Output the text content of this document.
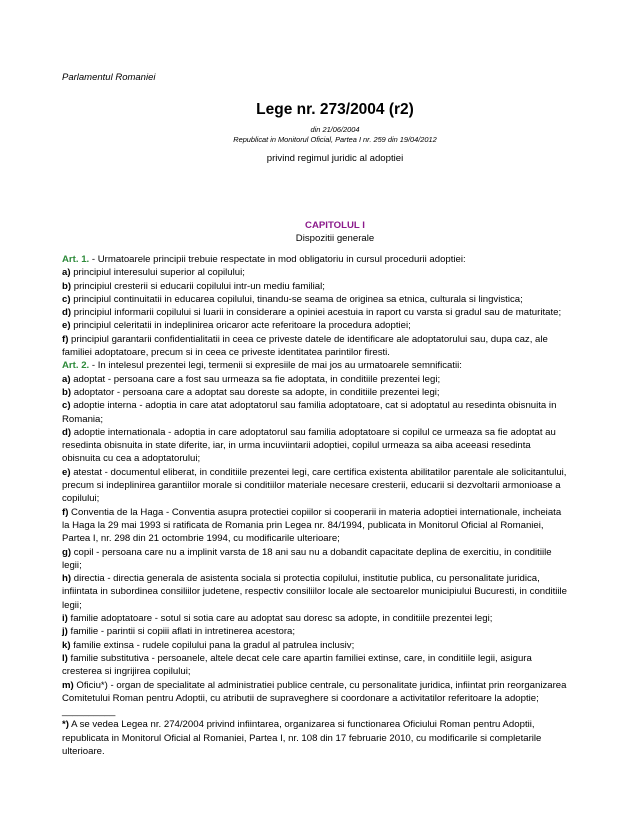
Parlamentul Romaniei
Lege nr. 273/2004 (r2)
din 21/06/2004
Republicat in Monitorul Oficial, Partea I nr. 259 din 19/04/2012
privind regimul juridic al adoptiei
CAPITOLUL I
Dispozitii generale

Art. 1. - Urmatoarele principii trebuie respectate in mod obligatoriu in cursul procedurii adoptiei:

a) principiul interesului superior al copilului;

b) principiul cresterii si educarii copilului intr-un mediu familial;

c) principiul continuitatii in educarea copilului, tinandu-se seama de originea sa etnica, culturala si lingvistica;

d) principiul informarii copilului si luarii in considerare a opiniei acestuia in raport cu varsta si gradul sau de maturitate;

e) principiul celeritatii in indeplinirea oricaror acte referitoare la procedura adoptiei;

f) principiul garantarii confidentialitatii in ceea ce priveste datele de identificare ale adoptatorului sau, dupa caz, ale familiei adoptatoare, precum si in ceea ce priveste identitatea parintilor firesti.

Art. 2. - In intelesul prezentei legi, termenii si expresiile de mai jos au urmatoarele semnificatii:

a) adoptat - persoana care a fost sau urmeaza sa fie adoptata, in conditiile prezentei legi;

b) adoptator - persoana care a adoptat sau doreste sa adopte, in conditiile prezentei legi;

c) adoptie interna - adoptia in care atat adoptatorul sau familia adoptatoare, cat si adoptatul au resedinta obisnuita in Romania;

d) adoptie internationala - adoptia in care adoptatorul sau familia adoptatoare si copilul ce urmeaza sa fie adoptat au resedinta obisnuita in state diferite, iar, in urma incuviintarii adoptiei, copilul urmeaza sa aiba aceeasi resedinta obisnuita cu cea a adoptatorului;

e) atestat - documentul eliberat, in conditiile prezentei legi, care certifica existenta abilitatilor parentale ale solicitantului, precum si indeplinirea garantiilor morale si conditiilor materiale necesare cresterii, educarii si dezvoltarii armonioase a copilului;

f) Conventia de la Haga - Conventia asupra protectiei copiilor si cooperarii in materia adoptiei internationale, incheiata la Haga la 29 mai 1993 si ratificata de Romania prin Legea nr. 84/1994, publicata in Monitorul Oficial al Romaniei, Partea I, nr. 298 din 21 octombrie 1994, cu modificarile ulterioare;

g) copil - persoana care nu a implinit varsta de 18 ani sau nu a dobandit capacitate deplina de exercitiu, in conditiile legii;

h) directia - directia generala de asistenta sociala si protectia copilului, institutie publica, cu personalitate juridica, infiintata in subordinea consiliilor judetene, respectiv consiliilor locale ale sectoarelor municipiului Bucuresti, in conditiile legii;

i) familie adoptatoare - sotul si sotia care au adoptat sau doresc sa adopte, in conditiile prezentei legi;

j) familie - parintii si copiii aflati in intretinerea acestora;

k) familie extinsa - rudele copilului pana la gradul al patrulea inclusiv;

l) familie substitutiva - persoanele, altele decat cele care apartin familiei extinse, care, in conditiile legii, asigura cresterea si ingrijirea copilului;

m) Oficiu*) - organ de specialitate al administratiei publice centrale, cu personalitate juridica, infiintat prin reorganizarea Comitetului Roman pentru Adoptii, cu atributii de supraveghere si coordonare a activitatilor referitoare la adoptie;

__________

*) A se vedea Legea nr. 274/2004 privind infiintarea, organizarea si functionarea Oficiului Roman pentru Adoptii, republicata in Monitorul Oficial al Romaniei, Partea I, nr. 108 din 17 februarie 2010, cu modificarile si completarile ulterioare.
